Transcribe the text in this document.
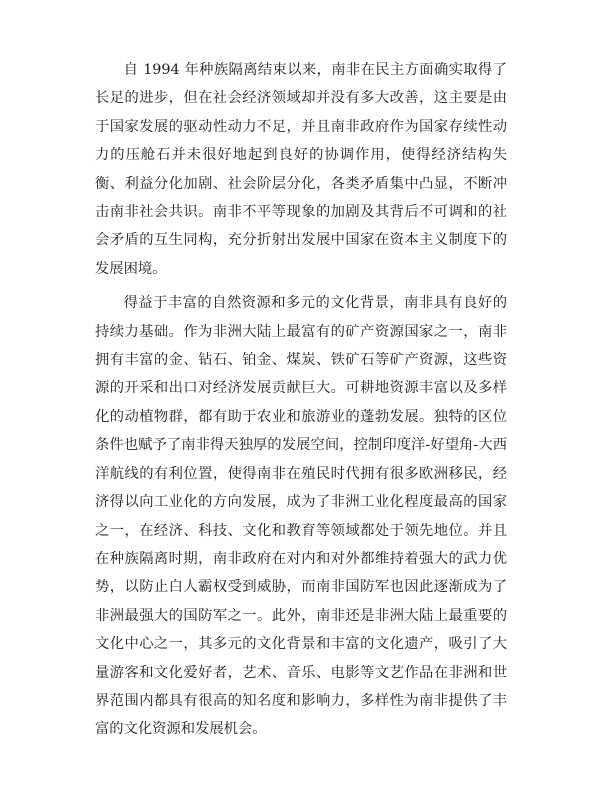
自 1994 年种族隔离结束以来，南非在民主方面确实取得了长足的进步，但在社会经济领域却并没有多大改善，这主要是由于国家发展的驱动性动力不足，并且南非政府作为国家存续性动力的压舱石并未很好地起到良好的协调作用，使得经济结构失衡、利益分化加剧、社会阶层分化，各类矛盾集中凸显，不断冲击南非社会共识。南非不平等现象的加剧及其背后不可调和的社会矛盾的互生同构，充分折射出发展中国家在资本主义制度下的发展困境。

得益于丰富的自然资源和多元的文化背景，南非具有良好的持续力基础。作为非洲大陆上最富有的矿产资源国家之一，南非拥有丰富的金、钻石、铂金、煤炭、铁矿石等矿产资源，这些资源的开采和出口对经济发展贡献巨大。可耕地资源丰富以及多样化的动植物群，都有助于农业和旅游业的蓬勃发展。独特的区位条件也赋予了南非得天独厚的发展空间，控制印度洋-好望角-大西洋航线的有利位置，使得南非在殖民时代拥有很多欧洲移民，经济得以向工业化的方向发展，成为了非洲工业化程度最高的国家之一，在经济、科技、文化和教育等领域都处于领先地位。并且在种族隔离时期，南非政府在对内和对外都维持着强大的武力优势，以防止白人霸权受到威胁，而南非国防军也因此逐渐成为了非洲最强大的国防军之一。此外，南非还是非洲大陆上最重要的文化中心之一，其多元的文化背景和丰富的文化遗产，吸引了大量游客和文化爱好者，艺术、音乐、电影等文艺作品在非洲和世界范围内都具有很高的知名度和影响力，多样性为南非提供了丰富的文化资源和发展机会。
